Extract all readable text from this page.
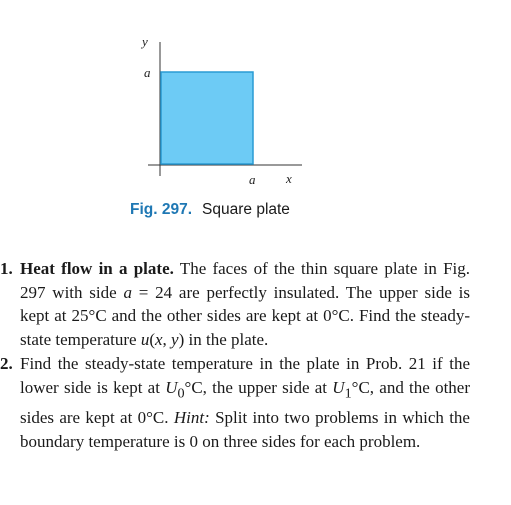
y
a
a x
Fig. 297. Square plate
1. Heat flow in a plate. The faces of the thin square plate in Fig. 297 with side a = 24 are perfectly insulated. The upper side is kept at 25°C and the other sides are kept at 0°C. Find the steady-state temperature u(x, y) in the plate.
2. Find the steady-state temperature in the plate in Prob. 21 if the lower side is kept at $U_0^\circ C$, the upper side at $U_1^\circ C$, and the other sides are kept at 0°C. Hint: Split into two problems in which the boundary temperature is 0 on three sides for each problem.
